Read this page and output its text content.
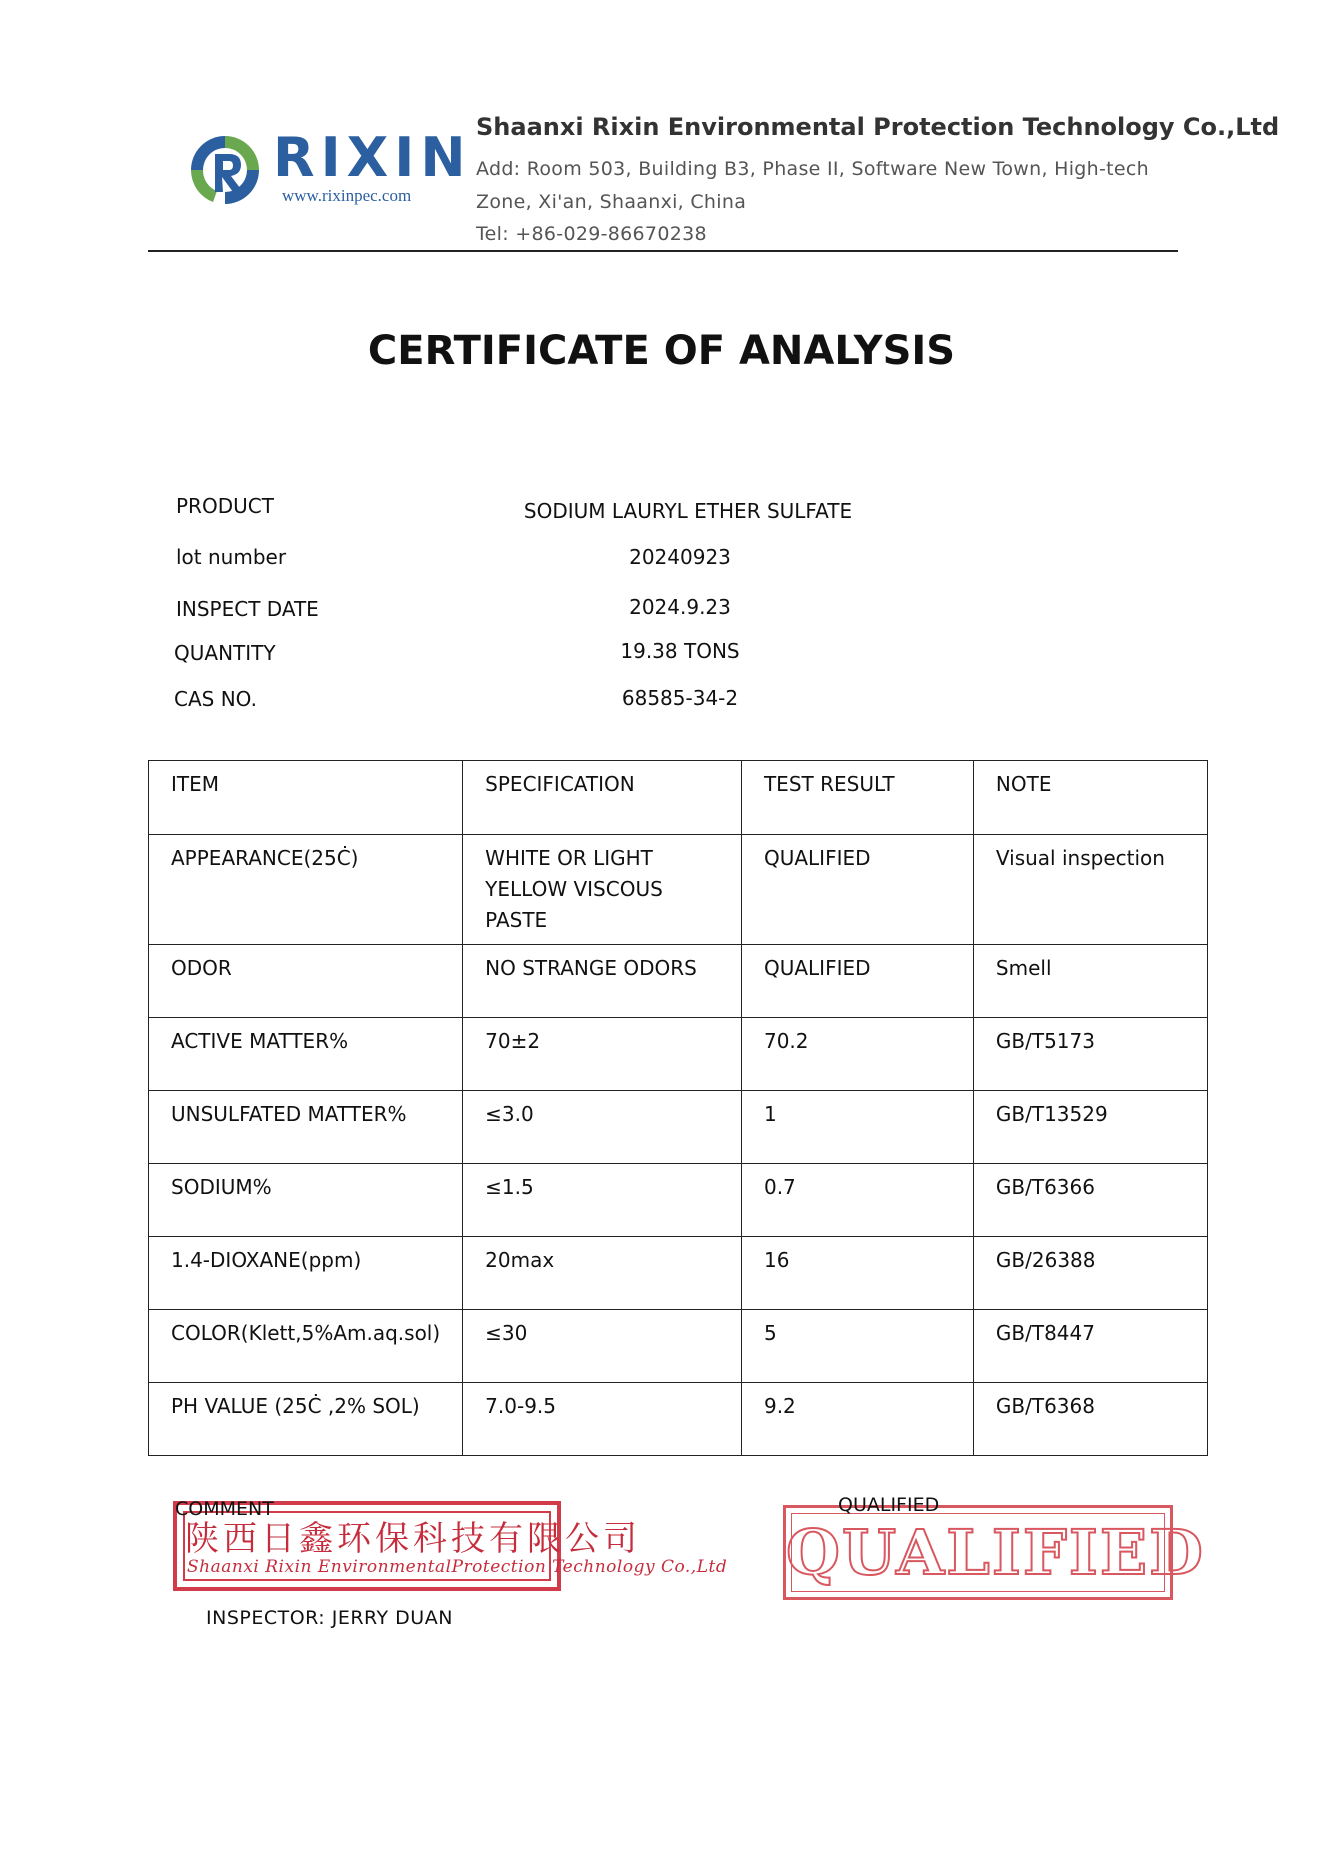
RIXIN
www.rixinpec.com
Shaanxi Rixin Environmental Protection Technology Co.,Ltd
Add: Room 503, Building B3, Phase II, Software New Town, High-tech
Zone, Xi'an, Shaanxi, China
Tel: +86-029-86670238
CERTIFICATE OF ANALYSIS
PRODUCT	SODIUM LAURYL ETHER SULFATE
lot number	20240923
INSPECT DATE	2024.9.23
QUANTITY	19.38 TONS
CAS NO.	68585-34-2
ITEM	SPECIFICATION	TEST RESULT	NOTE
APPEARANCE(25Ċ)	WHITE OR LIGHT YELLOW VISCOUS PASTE	QUALIFIED	Visual inspection
ODOR	NO STRANGE ODORS	QUALIFIED	Smell
ACTIVE MATTER%	70±2	70.2	GB/T5173
UNSULFATED MATTER%	≤3.0	1	GB/T13529
SODIUM%	≤1.5	0.7	GB/T6366
1.4-DIOXANE(ppm)	20max	16	GB/26388
COLOR(Klett,5%Am.aq.sol)	≤30	5	GB/T8447
PH VALUE (25Ċ ,2% SOL)	7.0-9.5	9.2	GB/T6368
陕西日鑫环保科技有限公司
Shaanxi Rixin EnvironmentalProtection Technology Co.,Ltd
COMMENT
INSPECTOR: JERRY DUAN
QUALIFIED
QUALIFIED
